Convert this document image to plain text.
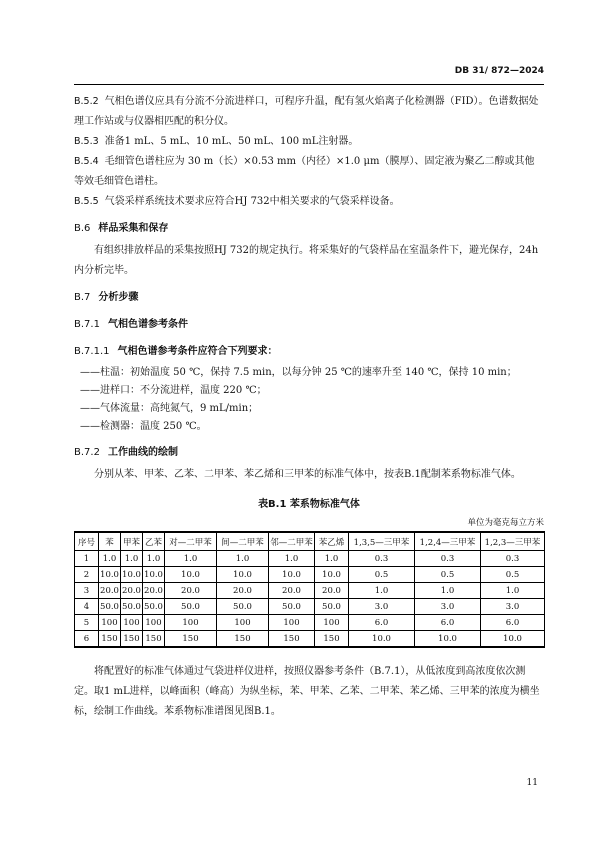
DB 31/ 872—2024

B.5.2 气相色谱仪应具有分流不分流进样口，可程序升温，配有氢火焰离子化检测器（FID）。色谱数据处理工作站或与仪器相匹配的积分仪。

B.5.3 准备1 mL、5 mL、10 mL、50 mL、100 mL注射器。

B.5.4 毛细管色谱柱应为 30 m（长）×0.53 mm（内径）×1.0 μm（膜厚）、固定液为聚乙二醇或其他等效毛细管色谱柱。

B.5.5 气袋采样系统技术要求应符合HJ 732中相关要求的气袋采样设备。

B.6 样品采集和保存

有组织排放样品的采集按照HJ 732的规定执行。将采集好的气袋样品在室温条件下，避光保存，24h内分析完毕。

B.7 分析步骤
B.7.1 气相色谱参考条件
B.7.1.1 气相色谱参考条件应符合下列要求：

——柱温：初始温度 50 ℃，保持 7.5 min，以每分钟 25 ℃的速率升至 140 ℃，保持 10 min；

——进样口：不分流进样，温度 220 ℃；

——气体流量：高纯氮气，9 mL/min；

——检测器：温度 250 ℃。

B.7.2 工作曲线的绘制

分别从苯、甲苯、乙苯、二甲苯、苯乙烯和三甲苯的标准气体中，按表B.1配制苯系物标准气体。

表B.1 苯系物标准气体

单位为毫克每立方米

序号	苯	甲苯	乙苯	对—二甲苯	间—二甲苯	邻—二甲苯	苯乙烯	1,3,5—三甲苯	1,2,4—三甲苯	1,2,3—三甲苯
1	1.0	1.0	1.0	1.0	1.0	1.0	1.0	0.3	0.3	0.3
2	10.0	10.0	10.0	10.0	10.0	10.0	10.0	0.5	0.5	0.5
3	20.0	20.0	20.0	20.0	20.0	20.0	20.0	1.0	1.0	1.0
4	50.0	50.0	50.0	50.0	50.0	50.0	50.0	3.0	3.0	3.0
5	100	100	100	100	100	100	100	6.0	6.0	6.0
6	150	150	150	150	150	150	150	10.0	10.0	10.0

将配置好的标准气体通过气袋进样仪进样，按照仪器参考条件（B.7.1），从低浓度到高浓度依次测定。取1 mL进样，以峰面积（峰高）为纵坐标，苯、甲苯、乙苯、二甲苯、苯乙烯、三甲苯的浓度为横坐标，绘制工作曲线。苯系物标准谱图见图B.1。

11
